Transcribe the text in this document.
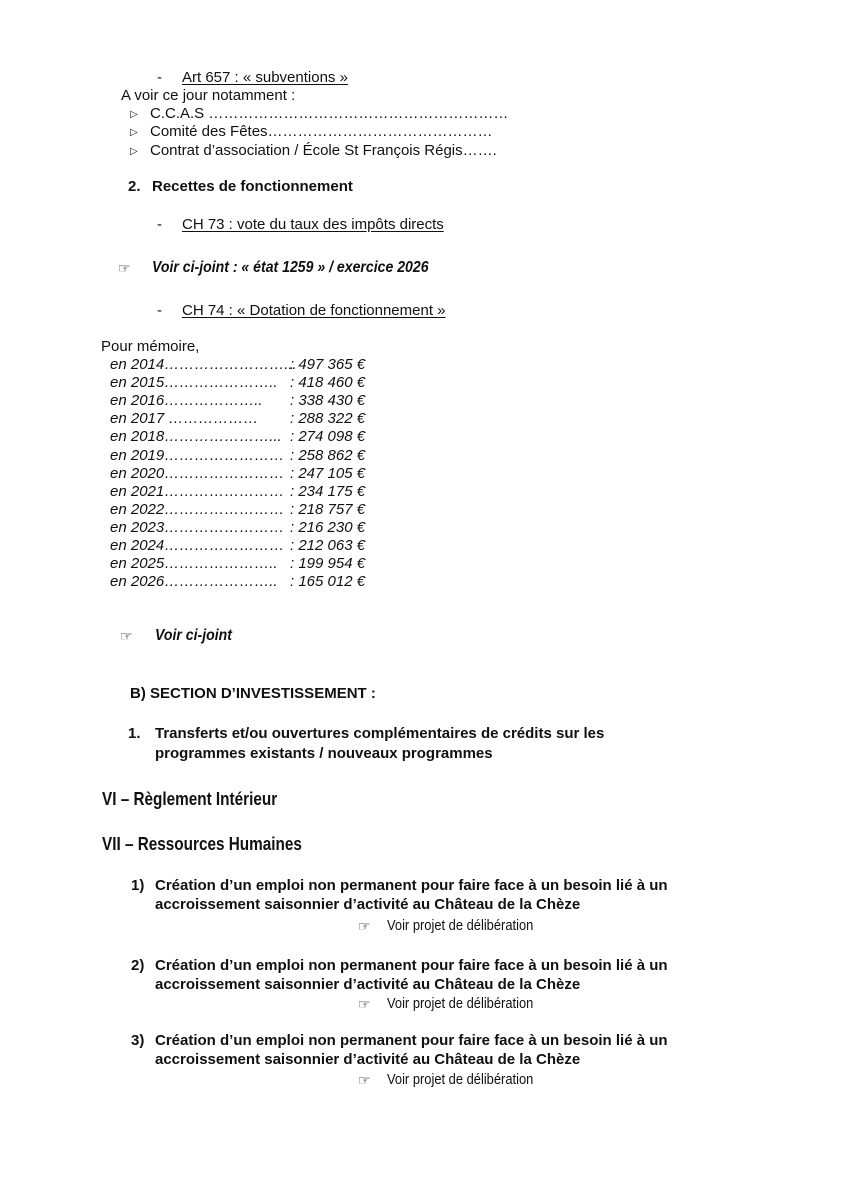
- Art 657 : « subventions »
A voir ce jour notamment :
▷ C.C.A.S ……………………………………………………
▷ Comité des Fêtes………………………………………
▷ Contrat d’association / École St François Régis…….
2. Recettes de fonctionnement
- CH 73 : vote du taux des impôts directs
☞ Voir ci-joint : « état 1259 » / exercice 2026
- CH 74 : « Dotation de fonctionnement »
Pour mémoire,
en 2014……………………...
: 497 365 €
en 2015………………….. : 418 460 €
en 2016……………….. : 338 430 €
en 2017 ……………… : 288 322 €
en 2018…………………... : 274 098 €
en 2019…………………… : 258 862 €
en 2020…………………… : 247 105 €
en 2021…………………… : 234 175 €
en 2022…………………… : 218 757 €
en 2023…………………… : 216 230 €
en 2024…………………… : 212 063 €
en 2025………………….. : 199 954 €
en 2026………………….. : 165 012 €
☞ Voir ci-joint
B) SECTION D’INVESTISSEMENT :
1. Transferts et/ou ouvertures complémentaires de crédits sur les
programmes existants / nouveaux programmes
VI – Règlement Intérieur
VII – Ressources Humaines
1) Création d’un emploi non permanent pour faire face à un besoin lié à un
accroissement saisonnier d’activité au Château de la Chèze
☞ Voir projet de délibération
2) Création d’un emploi non permanent pour faire face à un besoin lié à un
accroissement saisonnier d’activité au Château de la Chèze
☞ Voir projet de délibération
3) Création d’un emploi non permanent pour faire face à un besoin lié à un
accroissement saisonnier d’activité au Château de la Chèze
☞ Voir projet de délibération
